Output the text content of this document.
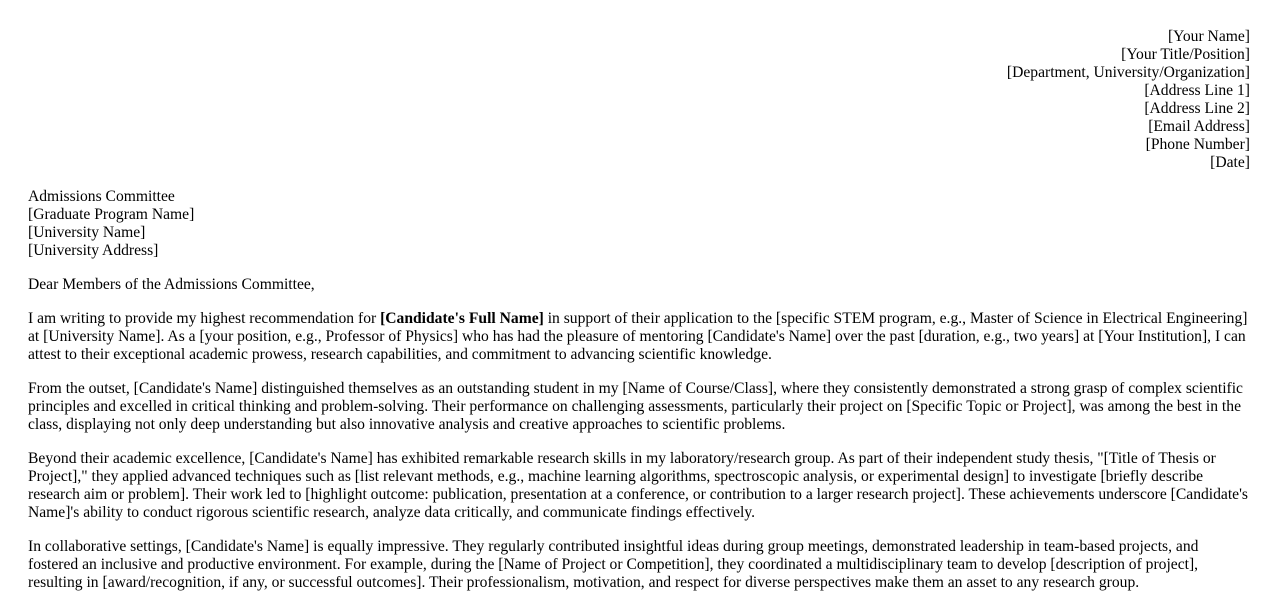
[Your Name]
[Your Title/Position]
[Department, University/Organization]
[Address Line 1]
[Address Line 2]
[Email Address]
[Phone Number]
[Date]
Admissions Committee
[Graduate Program Name]
[University Name]
[University Address]

Dear Members of the Admissions Committee,

I am writing to provide my highest recommendation for [Candidate's Full Name] in support of their application to the [specific STEM program, e.g., Master of Science in Electrical Engineering] at [University Name]. As a [your position, e.g., Professor of Physics] who has had the pleasure of mentoring [Candidate's Name] over the past [duration, e.g., two years] at [Your Institution], I can attest to their exceptional academic prowess, research capabilities, and commitment to advancing scientific knowledge.

From the outset, [Candidate's Name] distinguished themselves as an outstanding student in my [Name of Course/Class], where they consistently demonstrated a strong grasp of complex scientific principles and excelled in critical thinking and problem-solving. Their performance on challenging assessments, particularly their project on [Specific Topic or Project], was among the best in the class, displaying not only deep understanding but also innovative analysis and creative approaches to scientific problems.

Beyond their academic excellence, [Candidate's Name] has exhibited remarkable research skills in my laboratory/research group. As part of their independent study thesis, "[Title of Thesis or Project]," they applied advanced techniques such as [list relevant methods, e.g., machine learning algorithms, spectroscopic analysis, or experimental design] to investigate [briefly describe research aim or problem]. Their work led to [highlight outcome: publication, presentation at a conference, or contribution to a larger research project]. These achievements underscore [Candidate's Name]'s ability to conduct rigorous scientific research, analyze data critically, and communicate findings effectively.

In collaborative settings, [Candidate's Name] is equally impressive. They regularly contributed insightful ideas during group meetings, demonstrated leadership in team-based projects, and fostered an inclusive and productive environment. For example, during the [Name of Project or Competition], they coordinated a multidisciplinary team to develop [description of project], resulting in [award/recognition, if any, or successful outcomes]. Their professionalism, motivation, and respect for diverse perspectives make them an asset to any research group.
